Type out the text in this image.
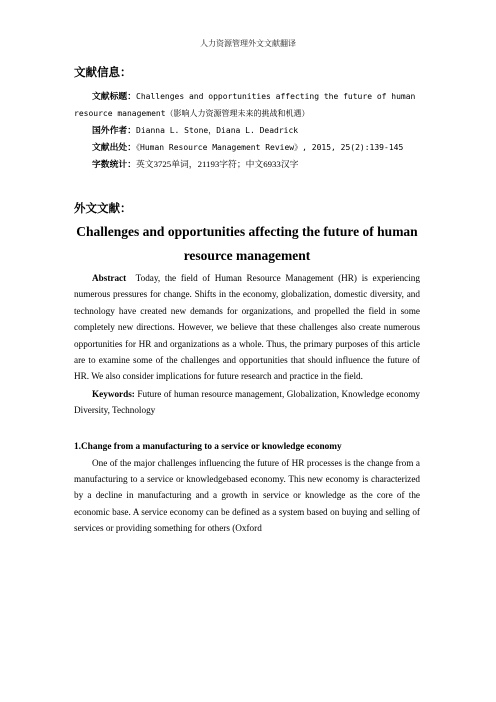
人力资源管理外文文献翻译

文献信息：

文献标题：Challenges and opportunities affecting the future of human resource management（影响人力资源管理未来的挑战和机遇）

国外作者：Dianna L. Stone，Diana L. Deadrick

文献出处：《Human Resource Management Review》, 2015, 25(2):139-145

字数统计：英文3725单词，21193字符；中文6933汉字

外文文献：

Challenges and opportunities affecting the future of human

resource management

Abstract Today, the field of Human Resource Management (HR) is experiencing numerous pressures for change. Shifts in the economy, globalization, domestic diversity, and technology have created new demands for organizations, and propelled the field in some completely new directions. However, we believe that these challenges also create numerous opportunities for HR and organizations as a whole. Thus, the primary purposes of this article are to examine some of the challenges and opportunities that should influence the future of HR. We also consider implications for future research and practice in the field.

Keywords: Future of human resource management, Globalization, Knowledge economy Diversity, Technology

1.Change from a manufacturing to a service or knowledge economy

One of the major challenges influencing the future of HR processes is the change from a manufacturing to a service or knowledgebased economy. This new economy is characterized by a decline in manufacturing and a growth in service or knowledge as the core of the economic base. A service economy can be defined as a system based on buying and selling of services or providing something for others (Oxford
